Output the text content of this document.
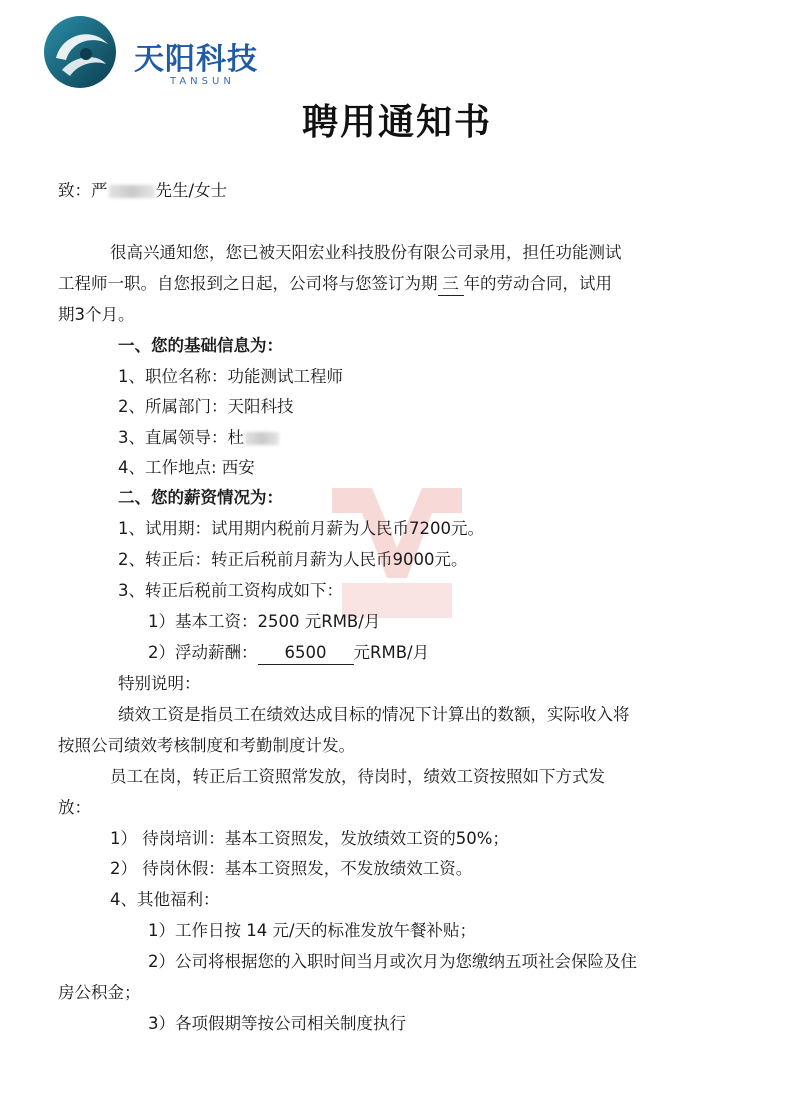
天阳科技
TANSUN
聘用通知书
致：严	先生/女士
很高兴通知您，您已被天阳宏业科技股份有限公司录用，担任功能测试
工程师一职。自您报到之日起，公司将与您签订为期 三 年的劳动合同，试用
期3个月。
一、您的基础信息为：
1、职位名称：功能测试工程师
2、所属部门：天阳科技
3、直属领导：杜
4、工作地点: 西安
二、您的薪资情况为：
1、试用期：试用期内税前月薪为人民币7200元。
2、转正后：转正后税前月薪为人民币9000元。
3、转正后税前工资构成如下：
1）基本工资：2500 元RMB/月
2）浮动薪酬： 6500 元RMB/月
特别说明：
绩效工资是指员工在绩效达成目标的情况下计算出的数额，实际收入将
按照公司绩效考核制度和考勤制度计发。
员工在岗，转正后工资照常发放，待岗时，绩效工资按照如下方式发
放：
1） 待岗培训：基本工资照发，发放绩效工资的50%；
2） 待岗休假：基本工资照发，不发放绩效工资。
4、其他福利：
1）工作日按 14 元/天的标准发放午餐补贴；
2）公司将根据您的入职时间当月或次月为您缴纳五项社会保险及住
房公积金；
3）各项假期等按公司相关制度执行
